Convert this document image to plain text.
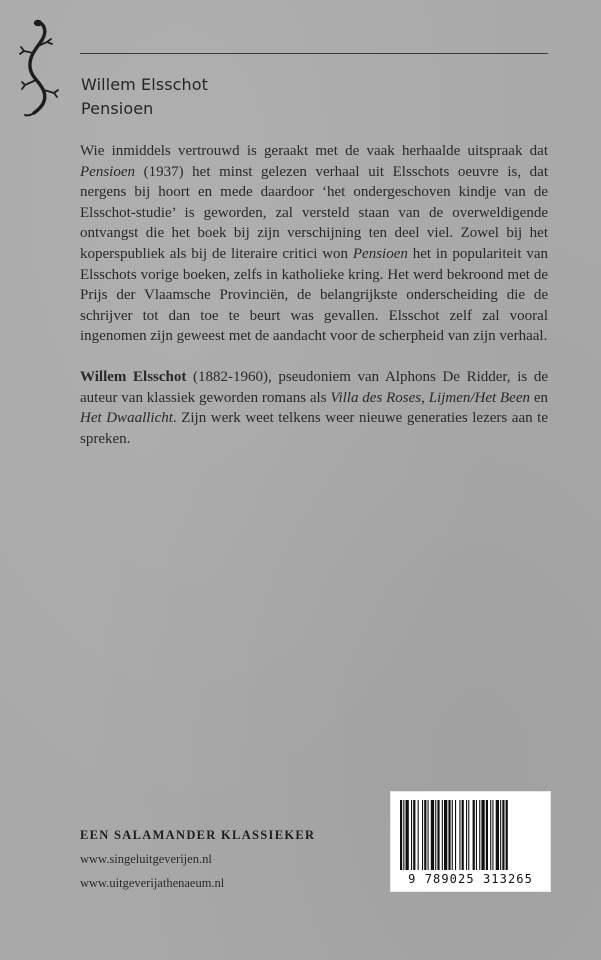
Willem Elsschot
Pensioen

Wie inmiddels vertrouwd is geraakt met de vaak herhaalde uitspraak dat Pensioen (1937) het minst gelezen verhaal uit Elsschots oeuvre is, dat nergens bij hoort en mede daardoor ‘het ondergeschoven kindje van de Elsschot-studie’ is geworden, zal versteld staan van de overweldigende ontvangst die het boek bij zijn verschijning ten deel viel. Zowel bij het koperspubliek als bij de literaire critici won Pensioen het in populariteit van Elsschots vorige boeken, zelfs in katholieke kring. Het werd bekroond met de Prijs der Vlaamsche Provinciën, de belangrijkste onderscheiding die de schrijver tot dan toe te beurt was gevallen. Elsschot zelf zal vooral ingenomen zijn geweest met de aandacht voor de scherpheid van zijn verhaal.

Willem Elsschot (1882-1960), pseudoniem van Alphons De Ridder, is de auteur van klassiek geworden romans als Villa des Roses, Lijmen/Het Been en Het Dwaallicht. Zijn werk weet telkens weer nieuwe generaties lezers aan te spreken.

EEN SALAMANDER KLASSIEKER
www.singeluitgeverijen.nl
www.uitgeverijathenaeum.nl	9 789025 313265
